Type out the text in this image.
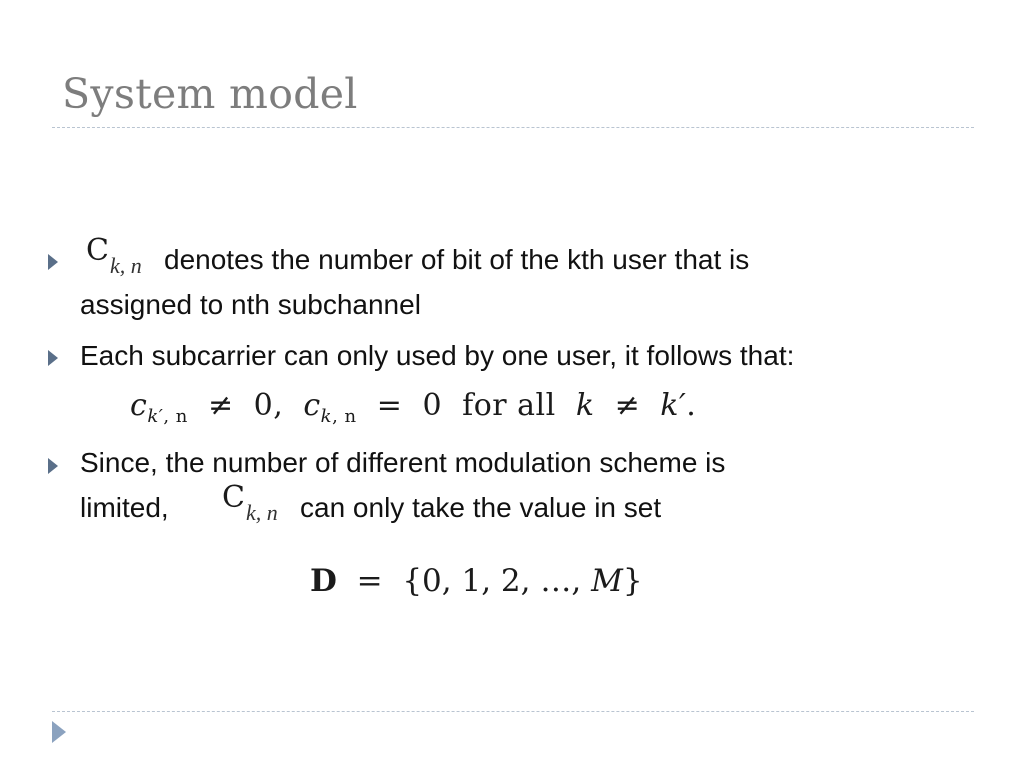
System model
C k, n denotes the number of bit of the kth user that is
assigned to nth subchannel
Each subcarrier can only used by one user, it follows that:
$c_{k', n} \ne 0$, $c_{k, n} = 0$ for all k ≠ k′.
Since, the number of different modulation scheme is
limited, C k, n can only take the value in set
D = {0, 1, 2, …, M}
